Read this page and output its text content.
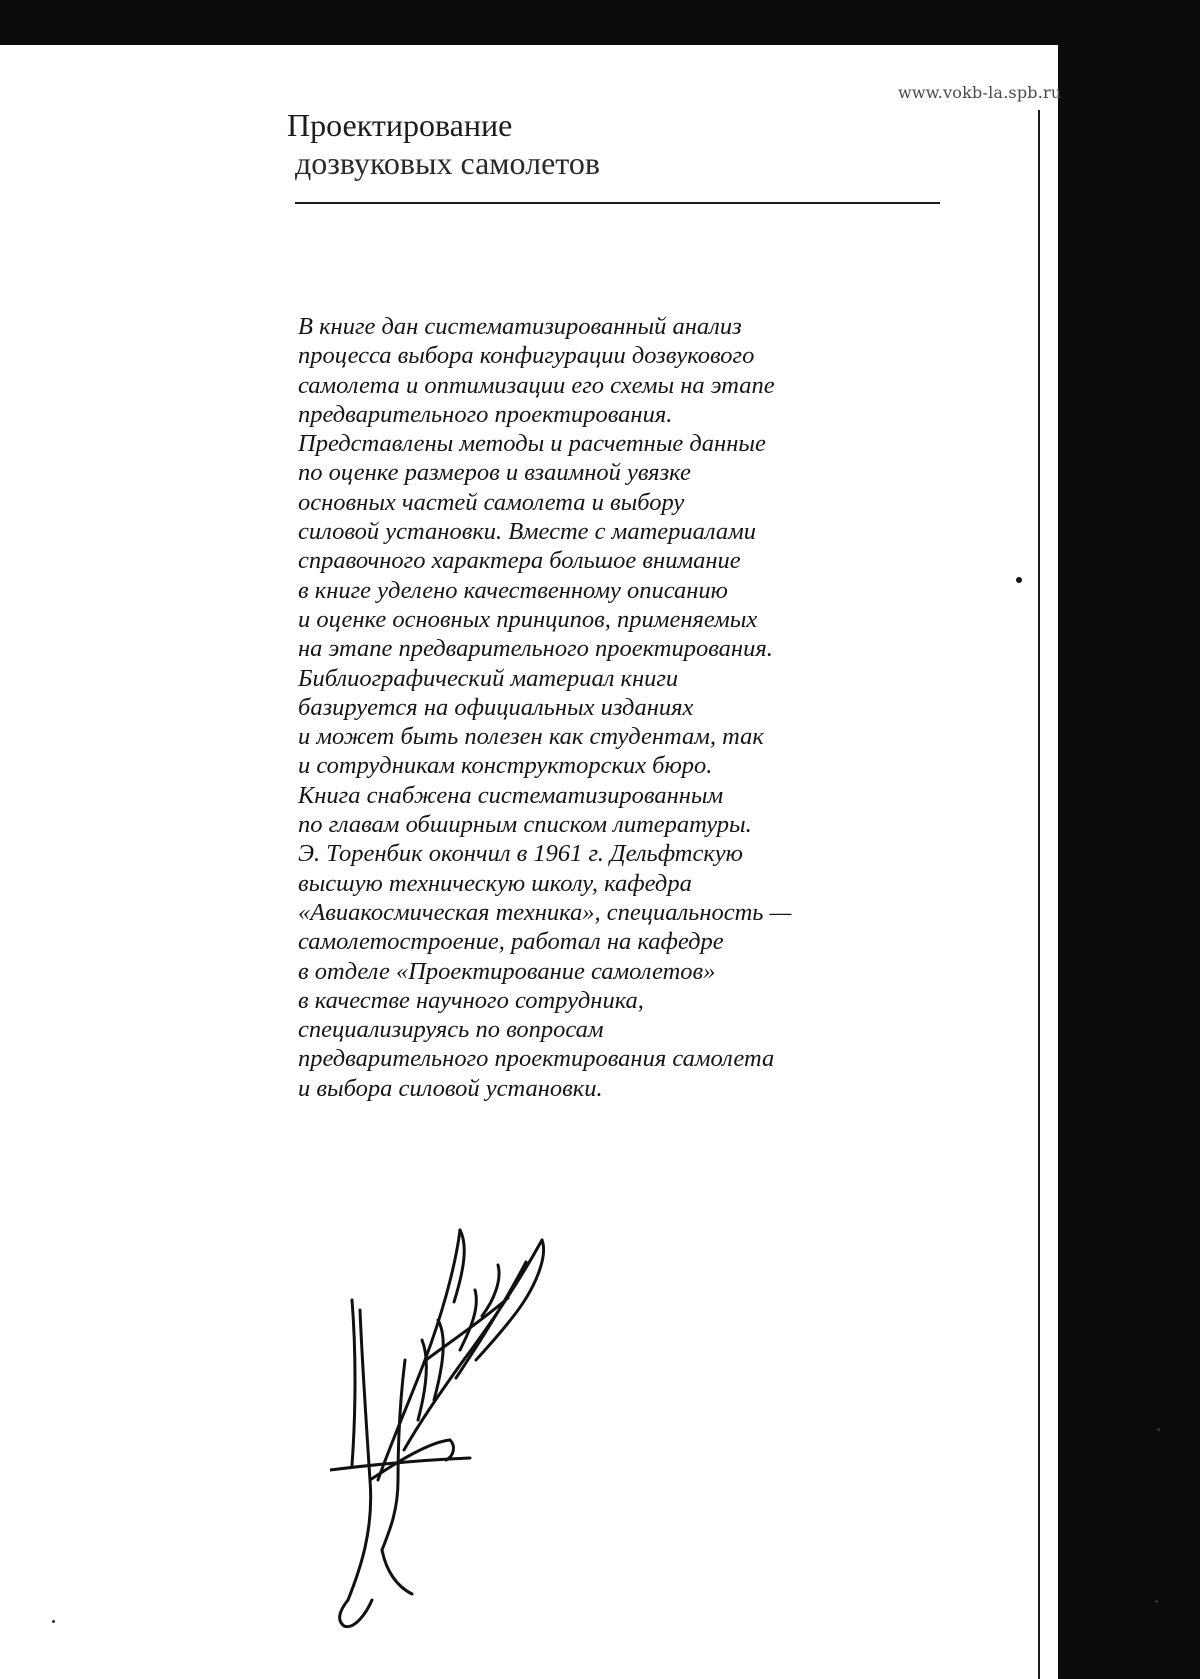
www.vokb-la.spb.ru
Проектирование
дозвуковых самолетов
В книге дан систематизированный анализ
процесса выбора конфигурации дозвукового
самолета и оптимизации его схемы на этапе
предварительного проектирования.
Представлены методы и расчетные данные
по оценке размеров и взаимной увязке
основных частей самолета и выбору
силовой установки. Вместе с материалами
справочного характера большое внимание
в книге уделено качественному описанию
и оценке основных принципов, применяемых
на этапе предварительного проектирования.
Библиографический материал книги
базируется на официальных изданиях
и может быть полезен как студентам, так
и сотрудникам конструкторских бюро.
Книга снабжена систематизированным
по главам обширным списком литературы.
Э. Торенбик окончил в 1961 г. Дельфтскую
высшую техническую школу, кафедра
«Авиакосмическая техника», специальность —
самолетостроение, работал на кафедре
в отделе «Проектирование самолетов»
в качестве научного сотрудника,
специализируясь по вопросам
предварительного проектирования самолета
и выбора силовой установки.
